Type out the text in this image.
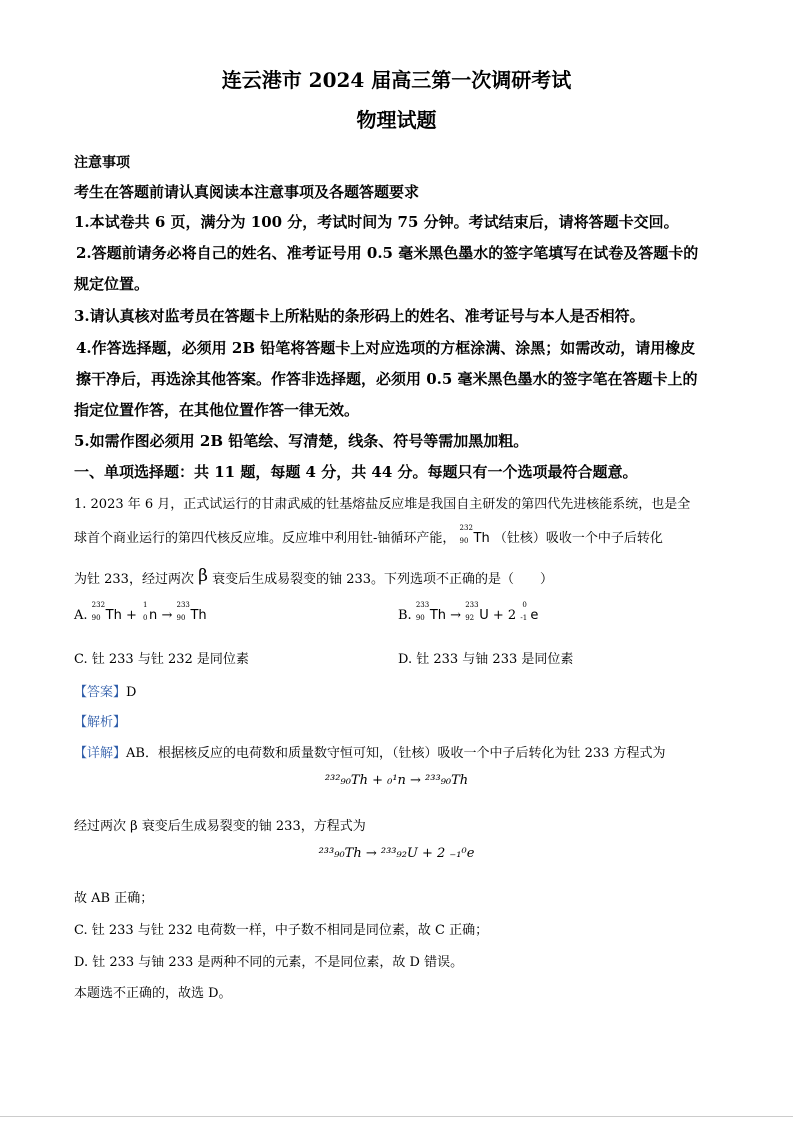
连云港市 2024 届高三第一次调研考试
物理试题
注意事项
考生在答题前请认真阅读本注意事项及各题答题要求
1.本试卷共 6 页，满分为 100 分，考试时间为 75 分钟。考试结束后，请将答题卡交回。
2.答题前请务必将自己的姓名、准考证号用 0.5 毫米黑色墨水的签字笔填写在试卷及答题卡的
规定位置。
3.请认真核对监考员在答题卡上所粘贴的条形码上的姓名、准考证号与本人是否相符。
4.作答选择题，必须用 2B 铅笔将答题卡上对应选项的方框涂满、涂黑；如需改动，请用橡皮
擦干净后，再选涂其他答案。作答非选择题，必须用 0.5 毫米黑色墨水的签字笔在答题卡上的
指定位置作答，在其他位置作答一律无效。
5.如需作图必须用 2B 铅笔绘、写清楚，线条、符号等需加黑加粗。
一、单项选择题：共 11 题，每题 4 分，共 44 分。每题只有一个选项最符合题意。
1. 2023 年 6 月，正式试运行的甘肃武威的钍基熔盐反应堆是我国自主研发的第四代先进核能系统，也是全
球首个商业运行的第四代核反应堆。反应堆中利用钍-铀循环产能，
232
90 Th （钍核）吸收一个中子后转化
为钍 233，经过两次 β 衰变后生成易裂变的铀 233。下列选项不正确的是（　　）
A.
232
90 Th +
1
0 n →
233
90 Th	B.
233
90 Th →
233
92 U + 2
0
-1 e
C. 钍 233 与钍 232 是同位素	D. 钍 233 与铀 233 是同位素
【答案】D
【解析】
【详解】AB．根据核反应的电荷数和质量数守恒可知，（钍核）吸收一个中子后转化为钍 233 方程式为
²³²₉₀Th + ₀¹n → ²³³₉₀Th
经过两次 β 衰变后生成易裂变的铀 233，方程式为
²³³₉₀Th → ²³³₉₂U + 2 ₋₁⁰e
故 AB 正确；
C. 钍 233 与钍 232 电荷数一样，中子数不相同是同位素，故 C 正确；
D. 钍 233 与铀 233 是两种不同的元素，不是同位素，故 D 错误。
本题选不正确的，故选 D。
